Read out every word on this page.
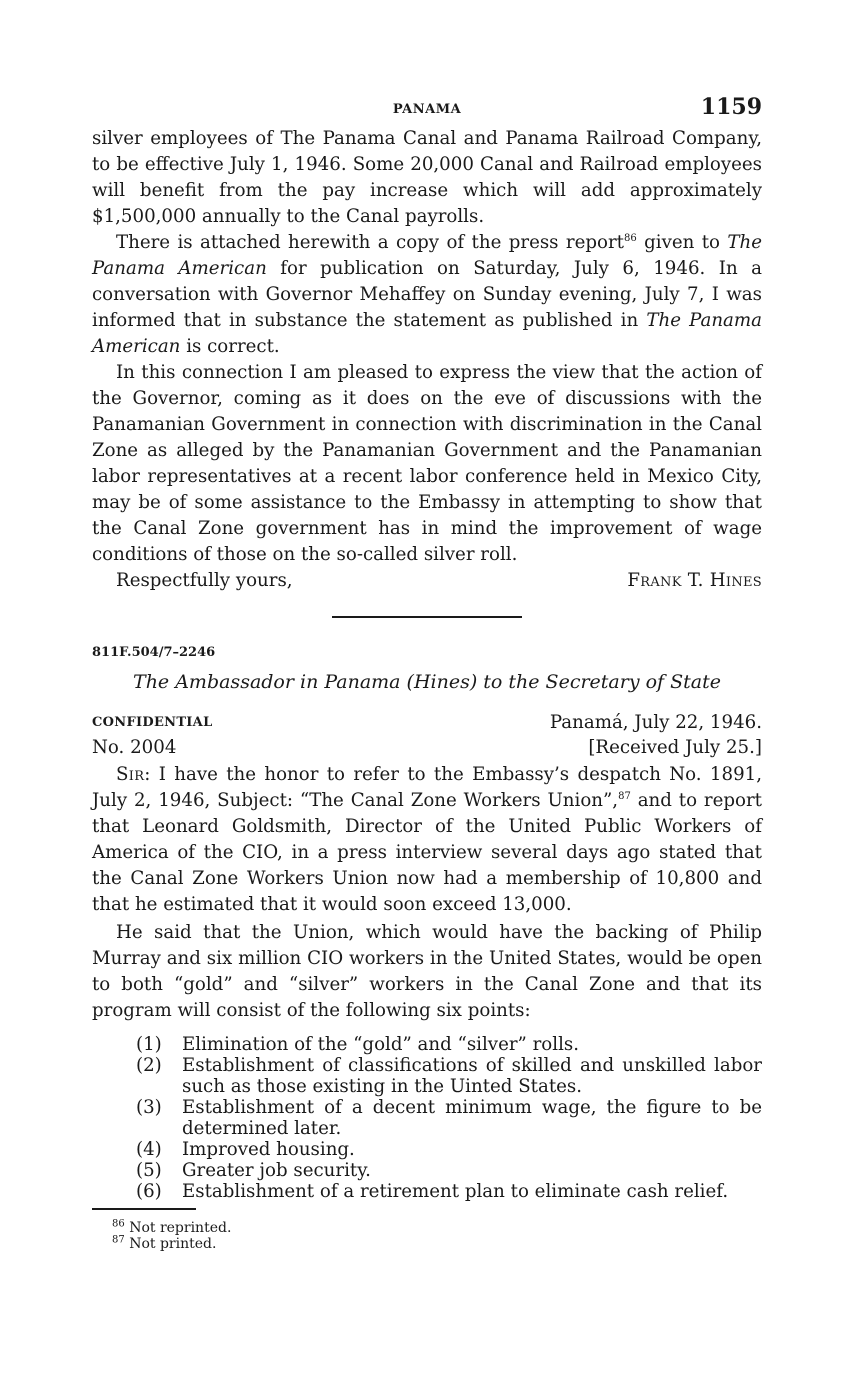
PANAMA	1159

silver employees of The Panama Canal and Panama Railroad Company, to be effective July 1, 1946. Some 20,000 Canal and Railroad employees will benefit from the pay increase which will add approximately $1,500,000 annually to the Canal payrolls.

There is attached herewith a copy of the press report$^{86}$ given to The Panama American for publication on Saturday, July 6, 1946. In a conversation with Governor Mehaffey on Sunday evening, July 7, I was informed that in substance the statement as published in The Panama American is correct.

In this connection I am pleased to express the view that the action of the Governor, coming as it does on the eve of discussions with the Panamanian Government in connection with discrimination in the Canal Zone as alleged by the Panamanian Government and the Panamanian labor representatives at a recent labor conference held in Mexico City, may be of some assistance to the Embassy in attempting to show that the Canal Zone government has in mind the improvement of wage conditions of those on the so-called silver roll.

Respectfully yours,	Frank T. Hines
811F.504/7–2246
The Ambassador in Panama (Hines) to the Secretary of State
CONFIDENTIAL	Panamá, July 22, 1946.
No. 2004	[Received July 25.]

Sir: I have the honor to refer to the Embassy’s despatch No. 1891, July 2, 1946, Subject: “The Canal Zone Workers Union”,$^{87}$ and to report that Leonard Goldsmith, Director of the United Public Workers of America of the CIO, in a press interview several days ago stated that the Canal Zone Workers Union now had a membership of 10,800 and that he estimated that it would soon exceed 13,000.

He said that the Union, which would have the backing of Philip Murray and six million CIO workers in the United States, would be open to both “gold” and “silver” workers in the Canal Zone and that its program will consist of the following six points:

(1)	Elimination of the “gold” and “silver” rolls.
(2)	Establishment of classifications of skilled and unskilled labor such as those existing in the Uinted States.
(3)	Establishment of a decent minimum wage, the figure to be determined later.
(4)	Improved housing.
(5)	Greater job security.
(6)	Establishment of a retirement plan to eliminate cash relief.
$^{86}$ Not reprinted.
$^{87}$ Not printed.
